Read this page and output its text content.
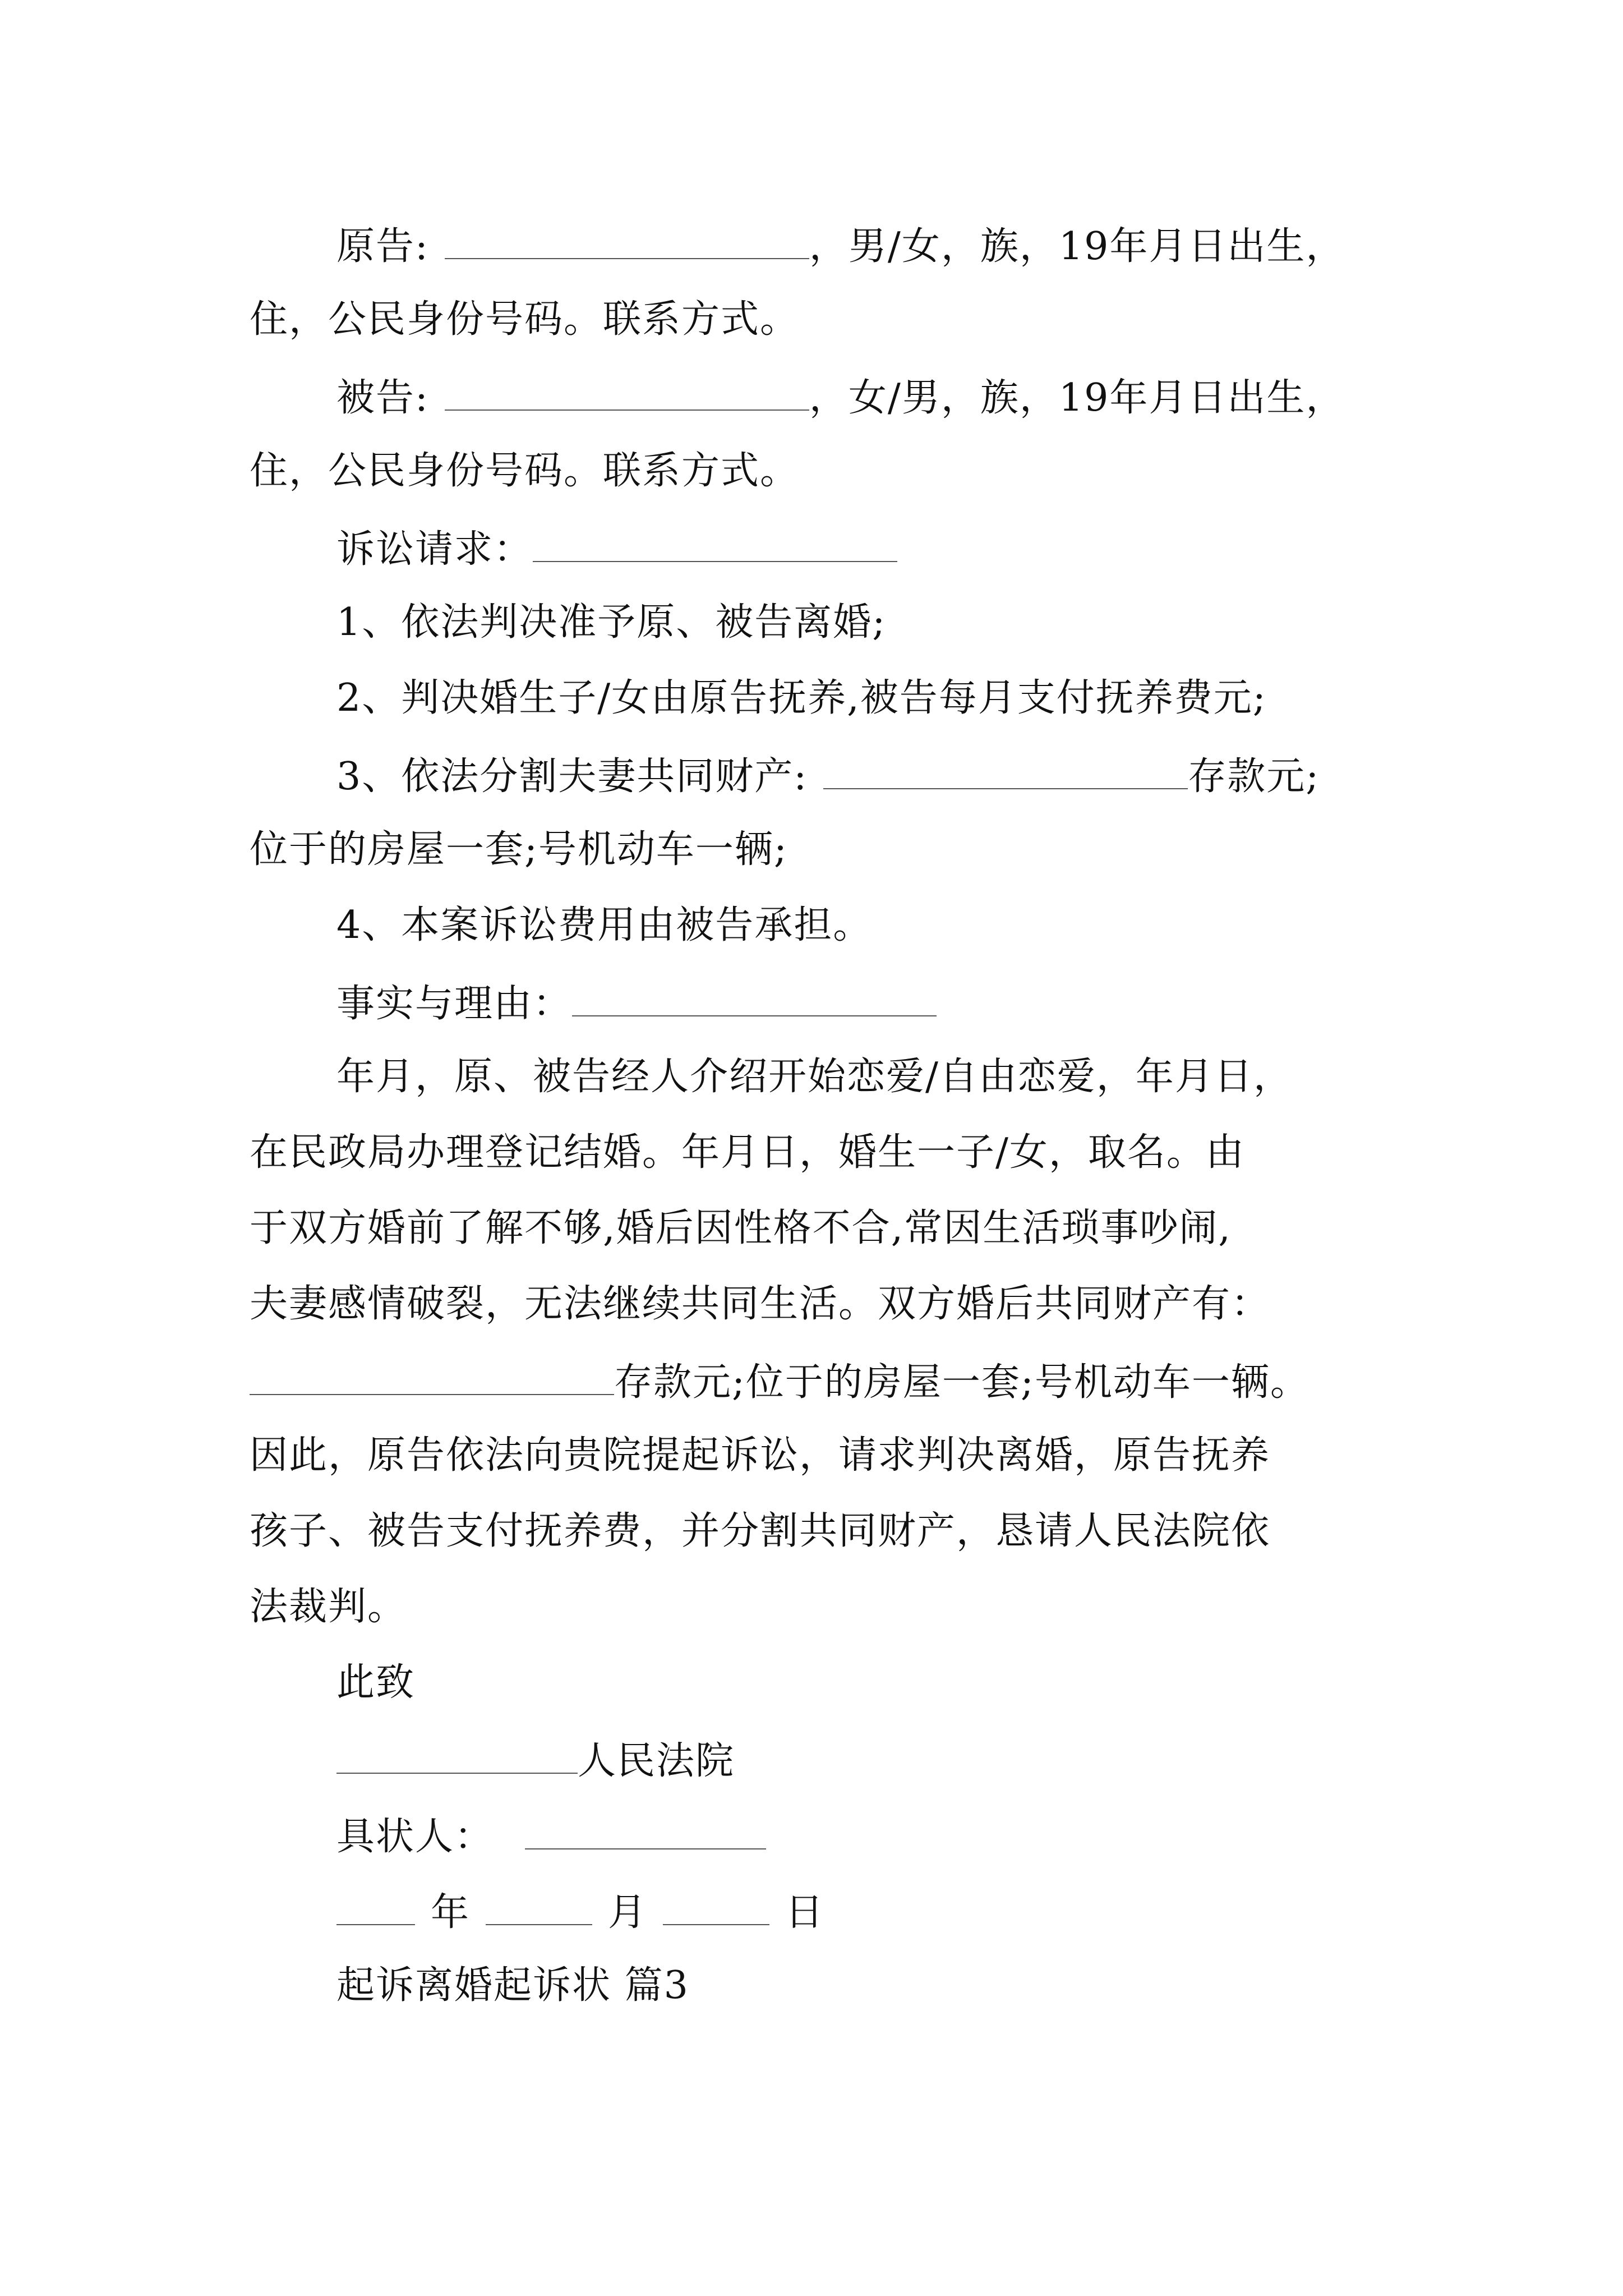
原告:	，男/女，族，19年月日出生，
住，公民身份号码。联系方式。
被告:	，女/男，族，19年月日出生，
住，公民身份号码。联系方式。
诉讼请求：
1、依法判决准予原、被告离婚;
2、判决婚生子/女由原告抚养,被告每月支付抚养费元;
3、依法分割夫妻共同财产:	存款元;
位于的房屋一套;号机动车一辆;
4、本案诉讼费用由被告承担。
事实与理由：
年月，原、被告经人介绍开始恋爱/自由恋爱，年月日，
在民政局办理登记结婚。年月日，婚生一子/女，取名。由
于双方婚前了解不够,婚后因性格不合,常因生活琐事吵闹,
夫妻感情破裂，无法继续共同生活。双方婚后共同财产有：
存款元;位于的房屋一套;号机动车一辆。
因此，原告依法向贵院提起诉讼，请求判决离婚，原告抚养
孩子、被告支付抚养费，并分割共同财产，恳请人民法院依
法裁判。
此致
人民法院
具状人：
年	月	日
起诉离婚起诉状 篇3
